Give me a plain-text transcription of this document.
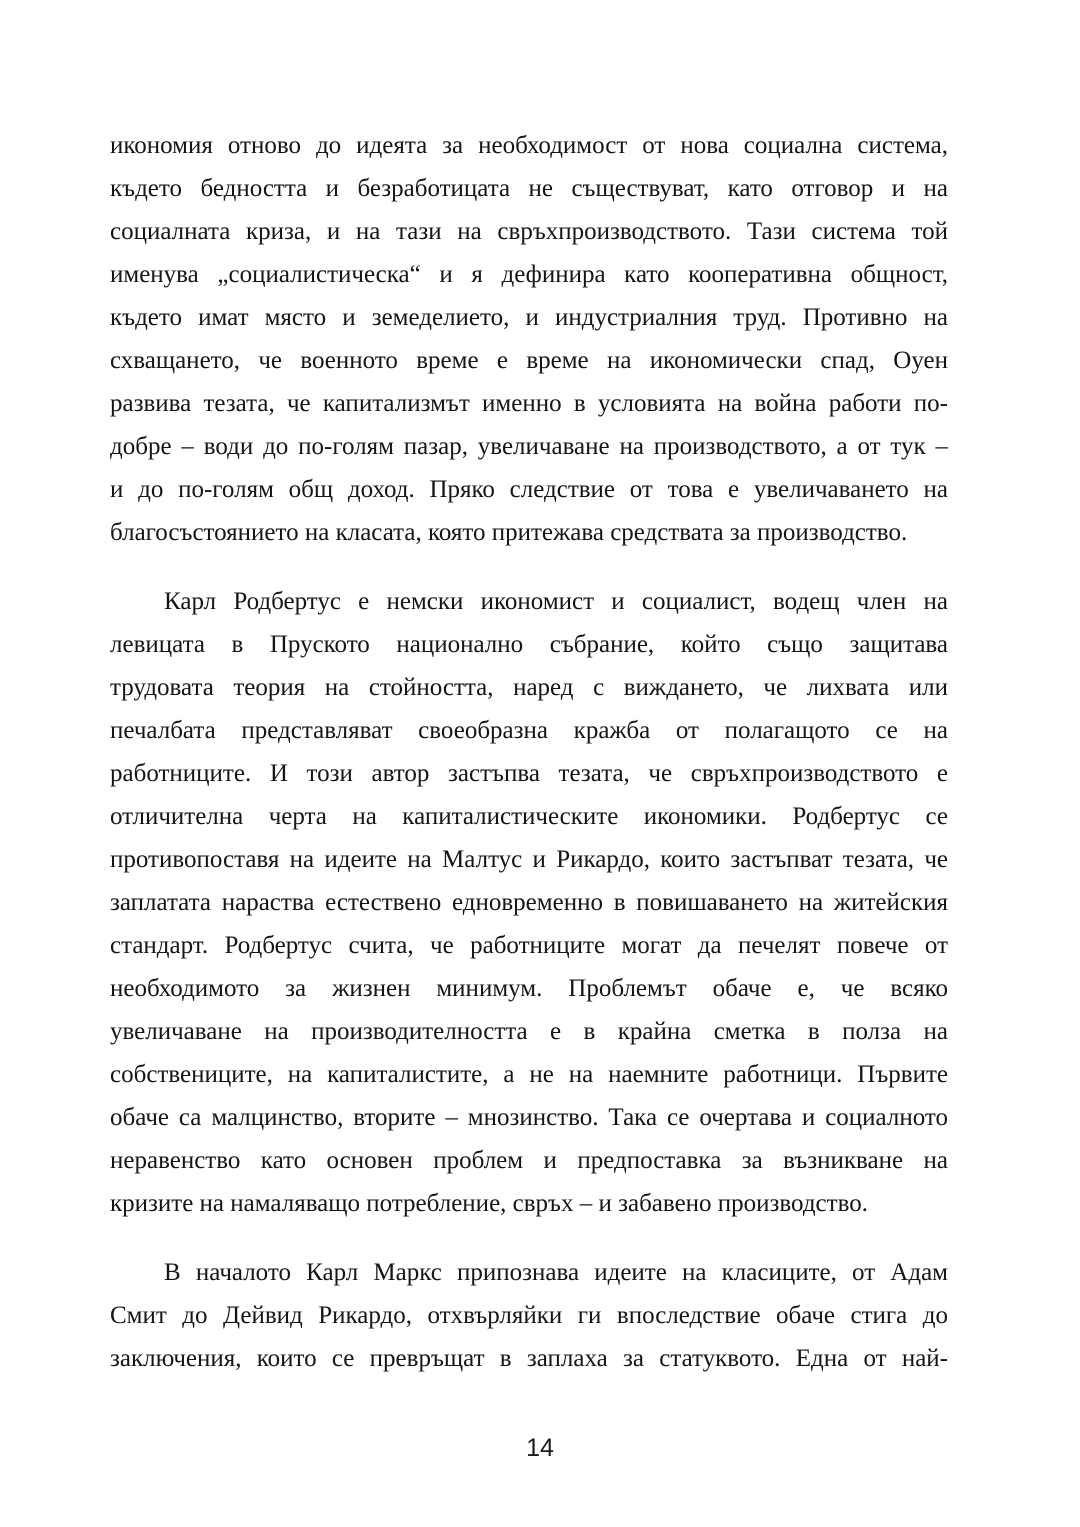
икономия отново до идеята за необходимост от нова социална система,
където бедността и безработицата не съществуват, като отговор и на
социалната криза, и на тази на свръхпроизводството. Тази система той
именува „социалистическа“ и я дефинира като кооперативна общност,
където имат място и земеделието, и индустриалния труд. Противно на
схващането, че военното време е време на икономически спад, Оуен
развива тезата, че капитализмът именно в условията на война работи по-
добре – води до по-голям пазар, увеличаване на производството, а от тук –
и до по-голям общ доход. Пряко следствие от това е увеличаването на
благосъстоянието на класата, която притежава средствата за производство.
Карл Родбертус е немски икономист и социалист, водещ член на
левицата в Пруското национално събрание, който също защитава
трудовата теория на стойността, наред с виждането, че лихвата или
печалбата представляват своеобразна кражба от полагащото се на
работниците. И този автор застъпва тезата, че свръхпроизводството е
отличителна черта на капиталистическите икономики. Родбертус се
противопоставя на идеите на Малтус и Рикардо, които застъпват тезата, че
заплатата нараства естествено едновременно в повишаването на житейския
стандарт. Родбертус счита, че работниците могат да печелят повече от
необходимото за жизнен минимум. Проблемът обаче е, че всяко
увеличаване на производителността е в крайна сметка в полза на
собствениците, на капиталистите, а не на наемните работници. Първите
обаче са малцинство, вторите – мнозинство. Така се очертава и социалното
неравенство като основен проблем и предпоставка за възникване на
кризите на намаляващо потребление, свръх – и забавено производство.
В началото Карл Маркс припознава идеите на класиците, от Адам
Смит до Дейвид Рикардо, отхвърляйки ги впоследствие обаче стига до
заключения, които се превръщат в заплаха за статуквото. Една от най-
14
